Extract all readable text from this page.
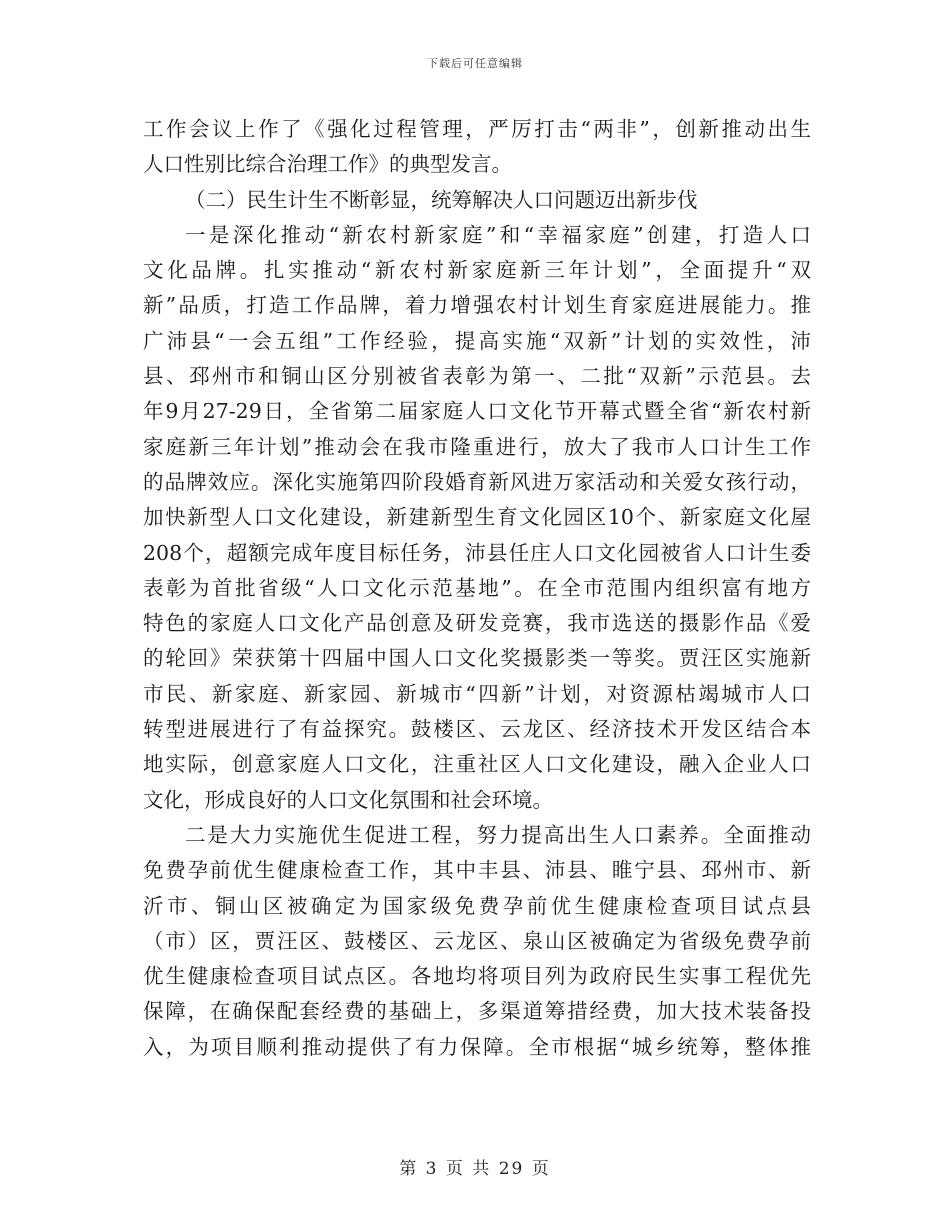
下载后可任意编辑
工作会议上作了《强化过程管理，严厉打击“两非”，创新推动出生
人口性别比综合治理工作》的典型发言。
（二）民生计生不断彰显，统筹解决人口问题迈出新步伐
一是深化推动“新农村新家庭”和“幸福家庭”创建，打造人口
文化品牌。扎实推动“新农村新家庭新三年计划”，全面提升“双
新”品质，打造工作品牌，着力增强农村计划生育家庭进展能力。推
广沛县“一会五组”工作经验，提高实施“双新”计划的实效性，沛
县、邳州市和铜山区分别被省表彰为第一、二批“双新”示范县。去
年9月27-29日，全省第二届家庭人口文化节开幕式暨全省“新农村新
家庭新三年计划”推动会在我市隆重进行，放大了我市人口计生工作
的品牌效应。深化实施第四阶段婚育新风进万家活动和关爱女孩行动，
加快新型人口文化建设，新建新型生育文化园区10个、新家庭文化屋
208个，超额完成年度目标任务，沛县任庄人口文化园被省人口计生委
表彰为首批省级“人口文化示范基地”。在全市范围内组织富有地方
特色的家庭人口文化产品创意及研发竞赛，我市选送的摄影作品《爱
的轮回》荣获第十四届中国人口文化奖摄影类一等奖。贾汪区实施新
市民、新家庭、新家园、新城市“四新”计划，对资源枯竭城市人口
转型进展进行了有益探究。鼓楼区、云龙区、经济技术开发区结合本
地实际，创意家庭人口文化，注重社区人口文化建设，融入企业人口
文化，形成良好的人口文化氛围和社会环境。
二是大力实施优生促进工程，努力提高出生人口素养。全面推动
免费孕前优生健康检查工作，其中丰县、沛县、睢宁县、邳州市、新
沂市、铜山区被确定为国家级免费孕前优生健康检查项目试点县
（市）区，贾汪区、鼓楼区、云龙区、泉山区被确定为省级免费孕前
优生健康检查项目试点区。各地均将项目列为政府民生实事工程优先
保障，在确保配套经费的基础上，多渠道筹措经费，加大技术装备投
入，为项目顺利推动提供了有力保障。全市根据“城乡统筹，整体推
第 3 页 共 29 页
